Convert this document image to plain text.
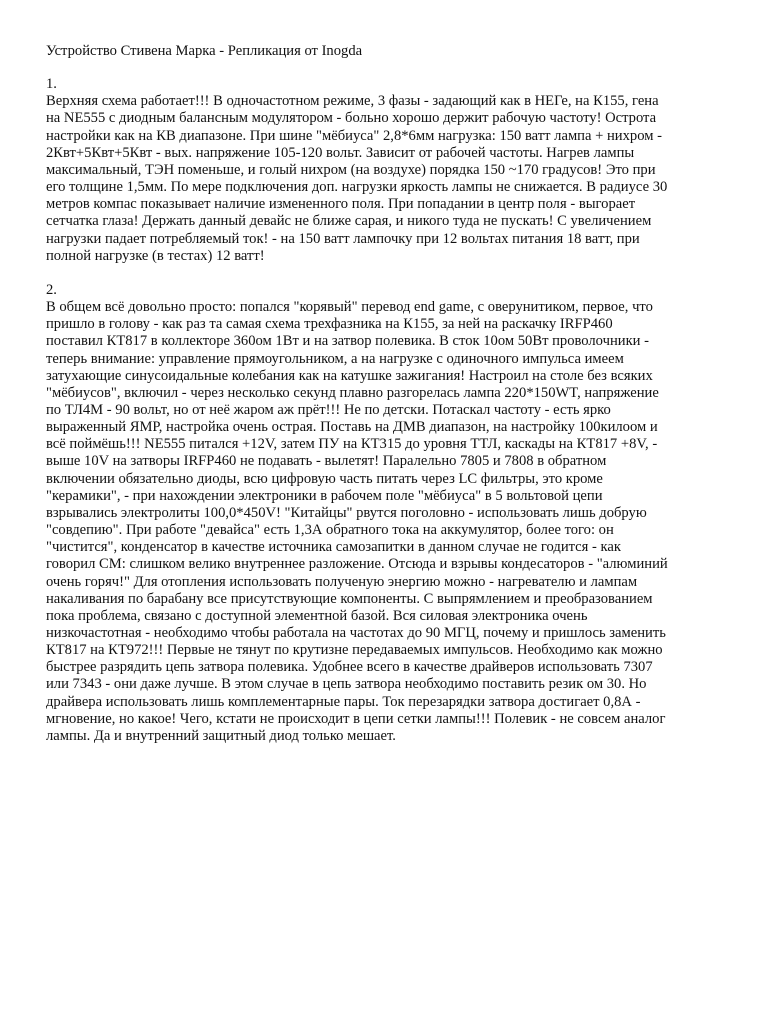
Устройство Стивена Марка - Репликация от Inogda
1.
Верхняя схема работает!!! В одночастотном режиме, 3 фазы - задающий как в НЕГе, на К155, гена
на NE555 с диодным балансным модулятором - больно хорошо держит рабочую частоту! Острота
настройки как на КВ диапазоне. При шине "мёбиуса" 2,8*6мм нагрузка: 150 ватт лампа + нихром -
2Квт+5Квт+5Квт - вых. напряжение 105-120 вольт. Зависит от рабочей частоты. Нагрев лампы
максимальный, ТЭН поменьше, и голый нихром (на воздухе) порядка 150 ~170 градусов! Это при
его толщине 1,5мм. По мере подключения доп. нагрузки яркость лампы не снижается. В радиусе 30
метров компас показывает наличие измененного поля. При попадании в центр поля - выгорает
сетчатка глаза! Держать данный девайс не ближе сарая, и никого туда не пускать! С увеличением
нагрузки падает потребляемый ток! - на 150 ватт лампочку при 12 вольтах питания 18 ватт, при
полной нагрузке (в тестах) 12 ватт!
2.
В общем всё довольно просто: попался "корявый" перевод end game, с оверунитиком, первое, что
пришло в голову - как раз та самая схема трехфазника на К155, за ней на раскачку IRFP460
поставил КТ817 в коллекторе 360ом 1Вт и на затвор полевика. В сток 10ом 50Вт проволочники -
теперь внимание: управление прямоугольником, а на нагрузке с одиночного импульса имеем
затухающие синусоидальные колебания как на катушке зажигания! Настроил на столе без всяких
"мёбиусов", включил - через несколько секунд плавно разгорелась лампа 220*150WT, напряжение
по ТЛ4М - 90 вольт, но от неё жаром аж прёт!!! Не по детски. Потаскал частоту - есть ярко
выраженный ЯМР, настройка очень острая. Поставь на ДМВ диапазон, на настройку 100килоом и
всё поймёшь!!! NE555 питался +12V, затем ПУ на КТ315 до уровня ТТЛ, каскады на КТ817 +8V, -
выше 10V на затворы IRFP460 не подавать - вылетят! Паралельно 7805 и 7808 в обратном
включении обязательно диоды, всю цифровую часть питать через LC фильтры, это кроме
"керамики", - при нахождении электроники в рабочем поле "мёбиуса" в 5 вольтовой цепи
взрывались электролиты 100,0*450V! "Китайцы" рвутся поголовно - использовать лишь добрую
"совдепию". При работе "девайса" есть 1,3А обратного тока на аккумулятор, более того: он
"чистится", конденсатор в качестве источника самозапитки в данном случае не годится - как
говорил СМ: слишком велико внутреннее разложение. Отсюда и взрывы кондесаторов - "алюминий
очень горяч!" Для отопления использовать полученую энергию можно - нагревателю и лампам
накаливания по барабану все присутствующие компоненты. С выпрямлением и преобразованием
пока проблема, связано с доступной элементной базой. Вся силовая электроника очень
низкочастотная - необходимо чтобы работала на частотах до 90 МГЦ, почему и пришлось заменить
КТ817 на КТ972!!! Первые не тянут по крутизне передаваемых импульсов. Необходимо как можно
быстрее разрядить цепь затвора полевика. Удобнее всего в качестве драйверов использовать 7307
или 7343 - они даже лучше. В этом случае в цепь затвора необходимо поставить резик ом 30. Но
драйвера использовать лишь комплементарные пары. Ток перезарядки затвора достигает 0,8А -
мгновение, но какое! Чего, кстати не происходит в цепи сетки лампы!!! Полевик - не совсем аналог
лампы. Да и внутренний защитный диод только мешает.
